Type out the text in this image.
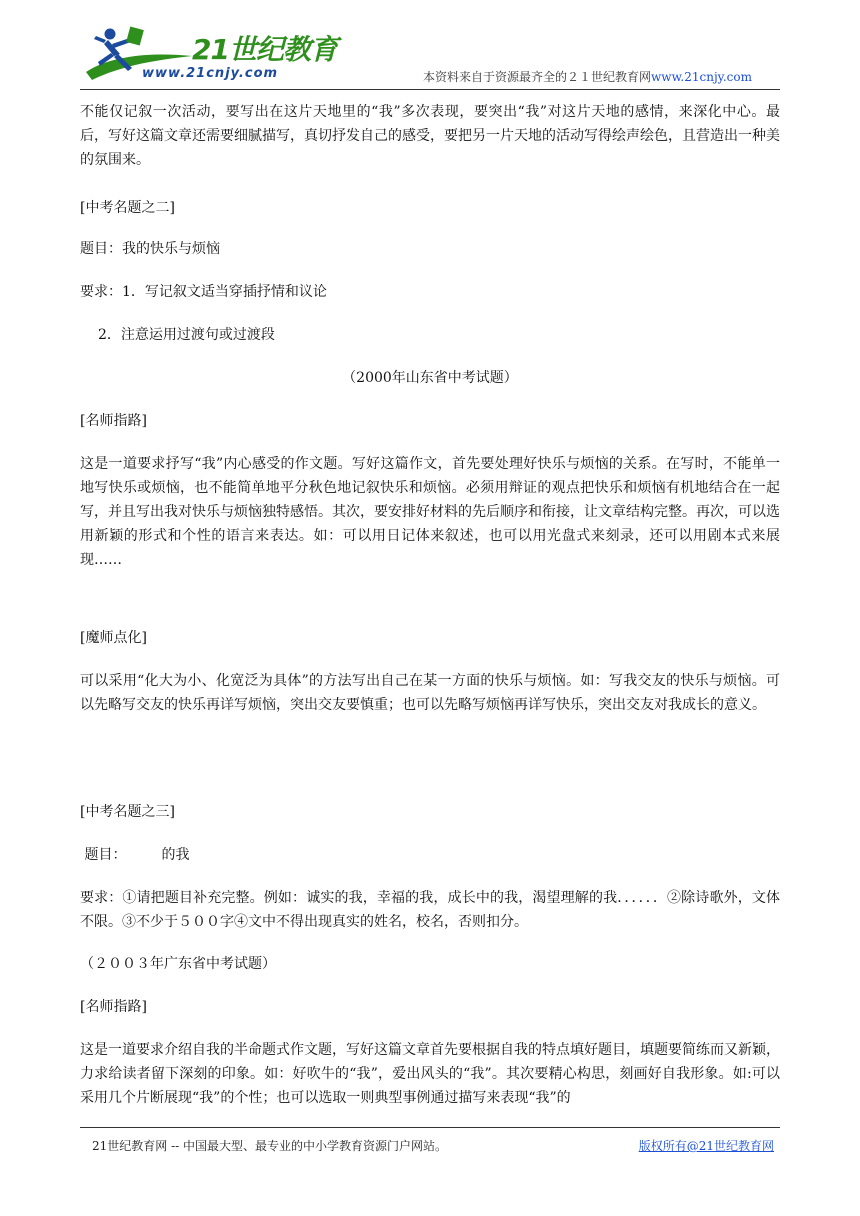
21世纪教育
www.21cnjy.com	本资料来自于资源最齐全的２１世纪教育网www.21cnjy.com

不能仅记叙一次活动，要写出在这片天地里的“我”多次表现，要突出“我”对这片天地的感情，来深化中心。最后，写好这篇文章还需要细腻描写，真切抒发自己的感受，要把另一片天地的活动写得绘声绘色，且营造出一种美的氛围来。

[中考名题之二]

题目：我的快乐与烦恼

要求：1．写记叙文适当穿插抒情和议论

2．注意运用过渡句或过渡段

（2000年山东省中考试题）

[名师指路]

这是一道要求抒写“我”内心感受的作文题。写好这篇作文，首先要处理好快乐与烦恼的关系。在写时，不能单一地写快乐或烦恼，也不能简单地平分秋色地记叙快乐和烦恼。必须用辩证的观点把快乐和烦恼有机地结合在一起写，并且写出我对快乐与烦恼独特感悟。其次，要安排好材料的先后顺序和衔接，让文章结构完整。再次，可以选用新颖的形式和个性的语言来表达。如：可以用日记体来叙述，也可以用光盘式来刻录，还可以用剧本式来展现……

[魔师点化]

可以采用“化大为小、化宽泛为具体”的方法写出自己在某一方面的快乐与烦恼。如：写我交友的快乐与烦恼。可以先略写交友的快乐再详写烦恼，突出交友要慎重；也可以先略写烦恼再详写快乐，突出交友对我成长的意义。

[中考名题之三]

题目：　　　的我

要求：①请把题目补充完整。例如：诚实的我，幸福的我，成长中的我，渴望理解的我．．．．．．②除诗歌外，文体不限。③不少于５００字④文中不得出现真实的姓名，校名，否则扣分。

（２００３年广东省中考试题）

[名师指路]

这是一道要求介绍自我的半命题式作文题，写好这篇文章首先要根据自我的特点填好题目，填题要简练而又新颖，力求给读者留下深刻的印象。如：好吹牛的“我”，爱出风头的“我”。其次要精心构思，刻画好自我形象。如:可以采用几个片断展现“我”的个性；也可以选取一则典型事例通过描写来表现“我”的

21世纪教育网 -- 中国最大型、最专业的中小学教育资源门户网站。	版权所有@21世纪教育网
